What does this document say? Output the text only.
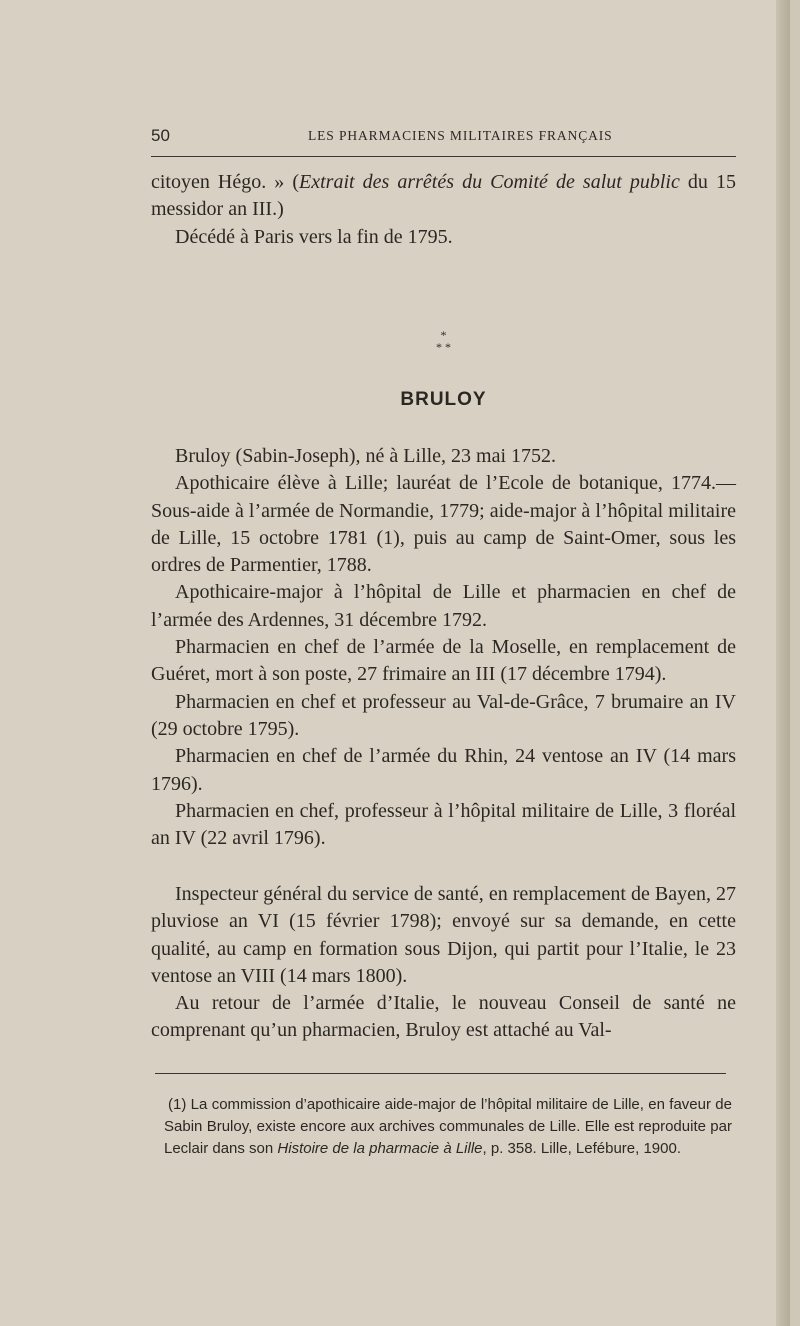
50	LES PHARMACIENS MILITAIRES FRANÇAIS

citoyen Hégo. » (Extrait des arrêtés du Comité de salut public du 15 messidor an III.)

Décédé à Paris vers la fin de 1795.

*
* *
BRULOY

Bruloy (Sabin-Joseph), né à Lille, 23 mai 1752.

Apothicaire élève à Lille; lauréat de l’Ecole de botanique, 1774.— Sous-aide à l’armée de Normandie, 1779; aide-major à l’hôpital militaire de Lille, 15 octobre 1781 (1), puis au camp de Saint-Omer, sous les ordres de Parmentier, 1788.

Apothicaire-major à l’hôpital de Lille et pharmacien en chef de l’armée des Ardennes, 31 décembre 1792.

Pharmacien en chef de l’armée de la Moselle, en remplacement de Guéret, mort à son poste, 27 frimaire an III (17 décembre 1794).

Pharmacien en chef et professeur au Val-de-Grâce, 7 brumaire an IV (29 octobre 1795).

Pharmacien en chef de l’armée du Rhin, 24 ventose an IV (14 mars 1796).

Pharmacien en chef, professeur à l’hôpital militaire de Lille, 3 floréal an IV (22 avril 1796).

Inspecteur général du service de santé, en remplacement de Bayen, 27 pluviose an VI (15 février 1798); envoyé sur sa demande, en cette qualité, au camp en formation sous Dijon, qui partit pour l’Italie, le 23 ventose an VIII (14 mars 1800).

Au retour de l’armée d’Italie, le nouveau Conseil de santé ne comprenant qu’un pharmacien, Bruloy est attaché au Val-

(1) La commission d’apothicaire aide-major de l’hôpital militaire de Lille, en faveur de Sabin Bruloy, existe encore aux archives communales de Lille. Elle est reproduite par Leclair dans son Histoire de la pharmacie à Lille, p. 358. Lille, Lefébure, 1900.
